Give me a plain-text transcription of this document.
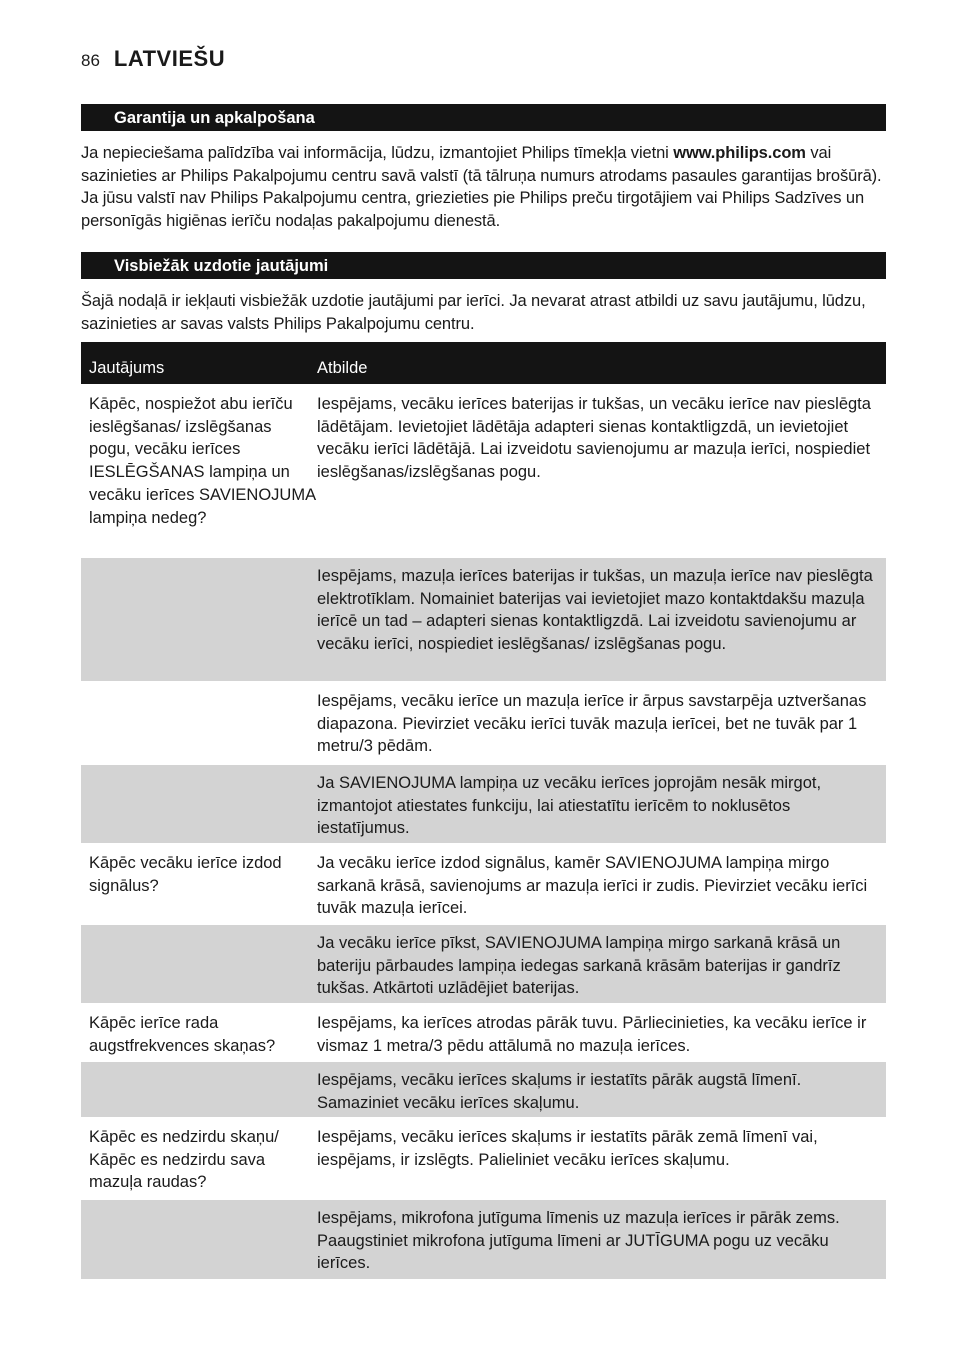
86 LATVIEŠU
Garantija un apkalpošana

Ja nepieciešama palīdzība vai informācija, lūdzu, izmantojiet Philips tīmekļa vietni www.philips.com vai sazinieties ar Philips Pakalpojumu centru savā valstī (tā tālruņa numurs atrodams pasaules garantijas brošūrā). Ja jūsu valstī nav Philips Pakalpojumu centra, griezieties pie Philips preču tirgotājiem vai Philips Sadzīves un personīgās higiēnas ierīču nodaļas pakalpojumu dienestā.

Visbiežāk uzdotie jautājumi

Šajā nodaļā ir iekļauti visbiežāk uzdotie jautājumi par ierīci. Ja nevarat atrast atbildi uz savu jautājumu, lūdzu, sazinieties ar savas valsts Philips Pakalpojumu centru.

Jautājums	Atbilde
Kāpēc, nospiežot abu ierīču ieslēgšanas/ izslēgšanas pogu, vecāku ierīces IESLĒGŠANAS lampiņa un vecāku ierīces SAVIENOJUMA lampiņa nedeg?
Iespējams, vecāku ierīces baterijas ir tukšas, un vecāku ierīce nav pieslēgta lādētājam. Ievietojiet lādētāja adapteri sienas kontaktligzdā, un ievietojiet vecāku ierīci lādētājā. Lai izveidotu savienojumu ar mazuļa ierīci, nospiediet ieslēgšanas/izslēgšanas pogu.
Iespējams, mazuļa ierīces baterijas ir tukšas, un mazuļa ierīce nav pieslēgta elektrotīklam. Nomainiet baterijas vai ievietojiet mazo kontaktdakšu mazuļa ierīcē un tad – adapteri sienas kontaktligzdā. Lai izveidotu savienojumu ar vecāku ierīci, nospiediet ieslēgšanas/ izslēgšanas pogu.
Iespējams, vecāku ierīce un mazuļa ierīce ir ārpus savstarpēja uztveršanas diapazona. Pievirziet vecāku ierīci tuvāk mazuļa ierīcei, bet ne tuvāk par 1 metru/3 pēdām.
Ja SAVIENOJUMA lampiņa uz vecāku ierīces joprojām nesāk mirgot, izmantojot atiestates funkciju, lai atiestatītu ierīcēm to noklusētos iestatījumus.
Kāpēc vecāku ierīce izdod signālus?
Ja vecāku ierīce izdod signālus, kamēr SAVIENOJUMA lampiņa mirgo sarkanā krāsā, savienojums ar mazuļa ierīci ir zudis. Pievirziet vecāku ierīci tuvāk mazuļa ierīcei.
Ja vecāku ierīce pīkst, SAVIENOJUMA lampiņa mirgo sarkanā krāsā un bateriju pārbaudes lampiņa iedegas sarkanā krāsām baterijas ir gandrīz tukšas. Atkārtoti uzlādējiet baterijas.
Kāpēc ierīce rada augstfrekvences skaņas?
Iespējams, ka ierīces atrodas pārāk tuvu. Pārliecinieties, ka vecāku ierīce ir vismaz 1 metra/3 pēdu attālumā no mazuļa ierīces.
Iespējams, vecāku ierīces skaļums ir iestatīts pārāk augstā līmenī. Samaziniet vecāku ierīces skaļumu.
Kāpēc es nedzirdu skaņu/ Kāpēc es nedzirdu sava mazuļa raudas?
Iespējams, vecāku ierīces skaļums ir iestatīts pārāk zemā līmenī vai, iespējams, ir izslēgts. Palieliniet vecāku ierīces skaļumu.
Iespējams, mikrofona jutīguma līmenis uz mazuļa ierīces ir pārāk zems. Paaugstiniet mikrofona jutīguma līmeni ar JUTĪGUMA pogu uz vecāku ierīces.
